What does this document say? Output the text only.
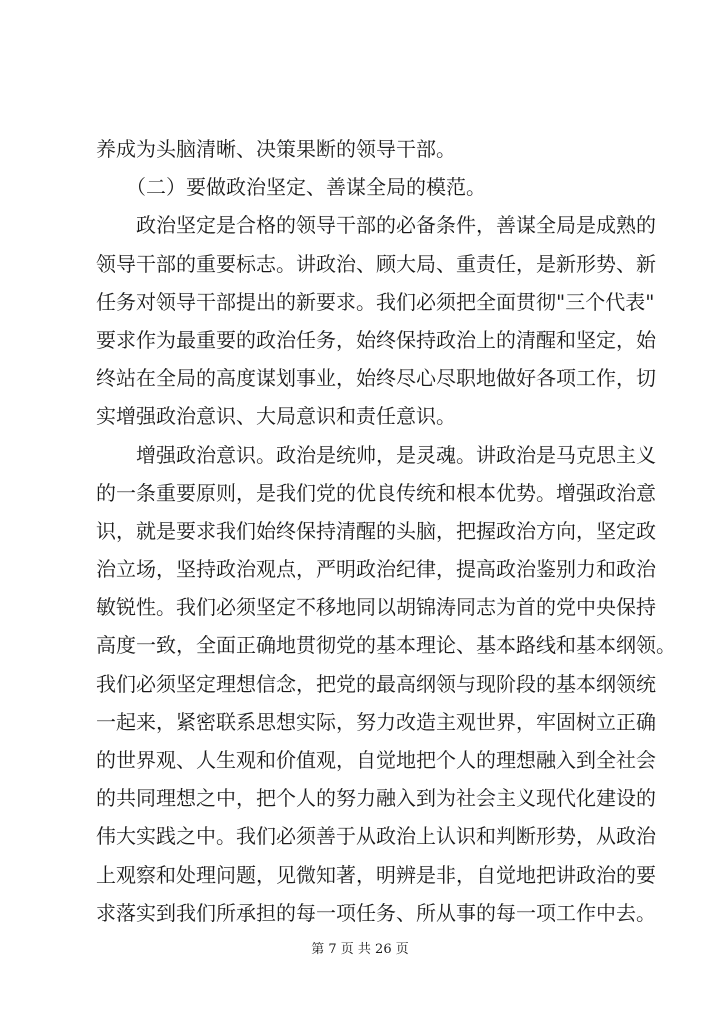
养成为头脑清晰、决策果断的领导干部。
　　（二）要做政治坚定、善谋全局的模范。
　　政治坚定是合格的领导干部的必备条件，善谋全局是成熟的
领导干部的重要标志。讲政治、顾大局、重责任，是新形势、新
任务对领导干部提出的新要求。我们必须把全面贯彻"三个代表"
要求作为最重要的政治任务，始终保持政治上的清醒和坚定，始
终站在全局的高度谋划事业，始终尽心尽职地做好各项工作，切
实增强政治意识、大局意识和责任意识。
　　增强政治意识。政治是统帅，是灵魂。讲政治是马克思主义
的一条重要原则，是我们党的优良传统和根本优势。增强政治意
识，就是要求我们始终保持清醒的头脑，把握政治方向，坚定政
治立场，坚持政治观点，严明政治纪律，提高政治鉴别力和政治
敏锐性。我们必须坚定不移地同以胡锦涛同志为首的党中央保持
高度一致，全面正确地贯彻党的基本理论、基本路线和基本纲领。
我们必须坚定理想信念，把党的最高纲领与现阶段的基本纲领统
一起来，紧密联系思想实际，努力改造主观世界，牢固树立正确
的世界观、人生观和价值观，自觉地把个人的理想融入到全社会
的共同理想之中，把个人的努力融入到为社会主义现代化建设的
伟大实践之中。我们必须善于从政治上认识和判断形势，从政治
上观察和处理问题，见微知著，明辨是非，自觉地把讲政治的要
求落实到我们所承担的每一项任务、所从事的每一项工作中去。
第 7 页 共 26 页
